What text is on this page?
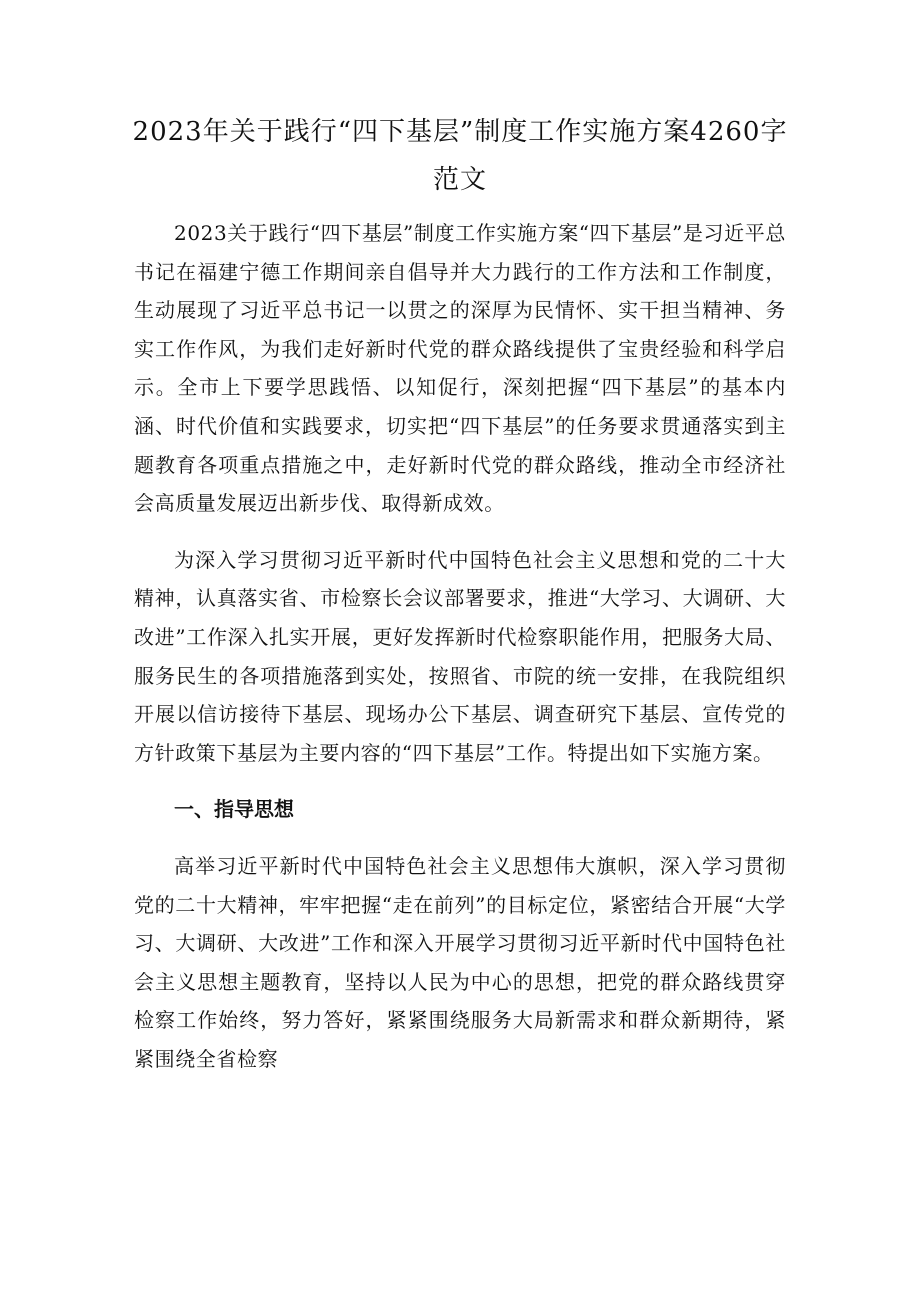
2023年关于践行“四下基层”制度工作实施方案4260字范文

2023关于践行“四下基层”制度工作实施方案“四下基层”是习近平总书记在福建宁德工作期间亲自倡导并大力践行的工作方法和工作制度，生动展现了习近平总书记一以贯之的深厚为民情怀、实干担当精神、务实工作作风，为我们走好新时代党的群众路线提供了宝贵经验和科学启示。全市上下要学思践悟、以知促行，深刻把握“四下基层”的基本内涵、时代价值和实践要求，切实把“四下基层”的任务要求贯通落实到主题教育各项重点措施之中，走好新时代党的群众路线，推动全市经济社会高质量发展迈出新步伐、取得新成效。

为深入学习贯彻习近平新时代中国特色社会主义思想和党的二十大精神，认真落实省、市检察长会议部署要求，推进“大学习、大调研、大改进”工作深入扎实开展，更好发挥新时代检察职能作用，把服务大局、服务民生的各项措施落到实处，按照省、市院的统一安排，在我院组织开展以信访接待下基层、现场办公下基层、调查研究下基层、宣传党的方针政策下基层为主要内容的“四下基层”工作。特提出如下实施方案。

一、指导思想

高举习近平新时代中国特色社会主义思想伟大旗帜，深入学习贯彻党的二十大精神，牢牢把握“走在前列”的目标定位，紧密结合开展“大学习、大调研、大改进”工作和深入开展学习贯彻习近平新时代中国特色社会主义思想主题教育，坚持以人民为中心的思想，把党的群众路线贯穿检察工作始终，努力答好，紧紧围绕服务大局新需求和群众新期待，紧紧围绕全省检察
